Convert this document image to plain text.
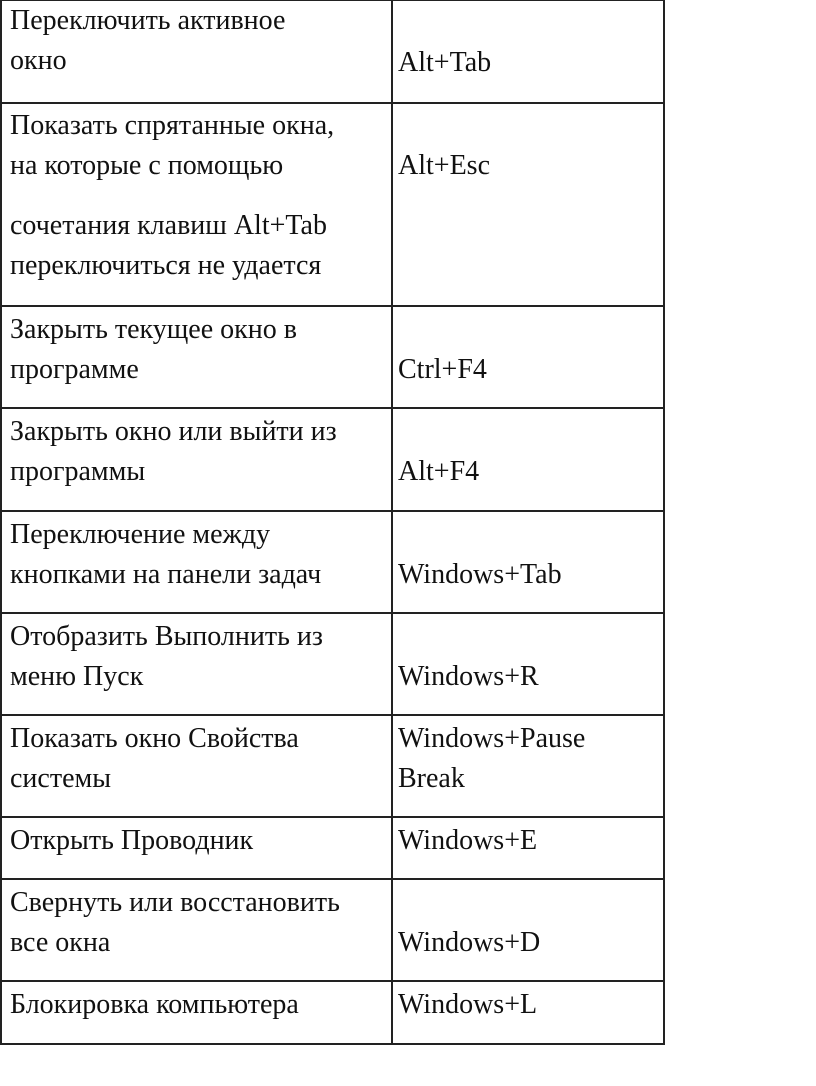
Переключить активное
окно	Alt+Tab

Показать спрятанные окна,
на которые с помощью
сочетания клавиш Alt+Tab
переключиться не удается	Alt+Esc

Закрыть текущее окно в
программе	Ctrl+F4

Закрыть окно или выйти из
программы	Alt+F4

Переключение между
кнопками на панели задач	Windows+Tab

Отобразить Выполнить из
меню Пуск	Windows+R

Показать окно Свойства
системы	Windows+Pause
Break

Открыть Проводник	Windows+E

Свернуть или восстановить
все окна	Windows+D

Блокировка компьютера	Windows+L
